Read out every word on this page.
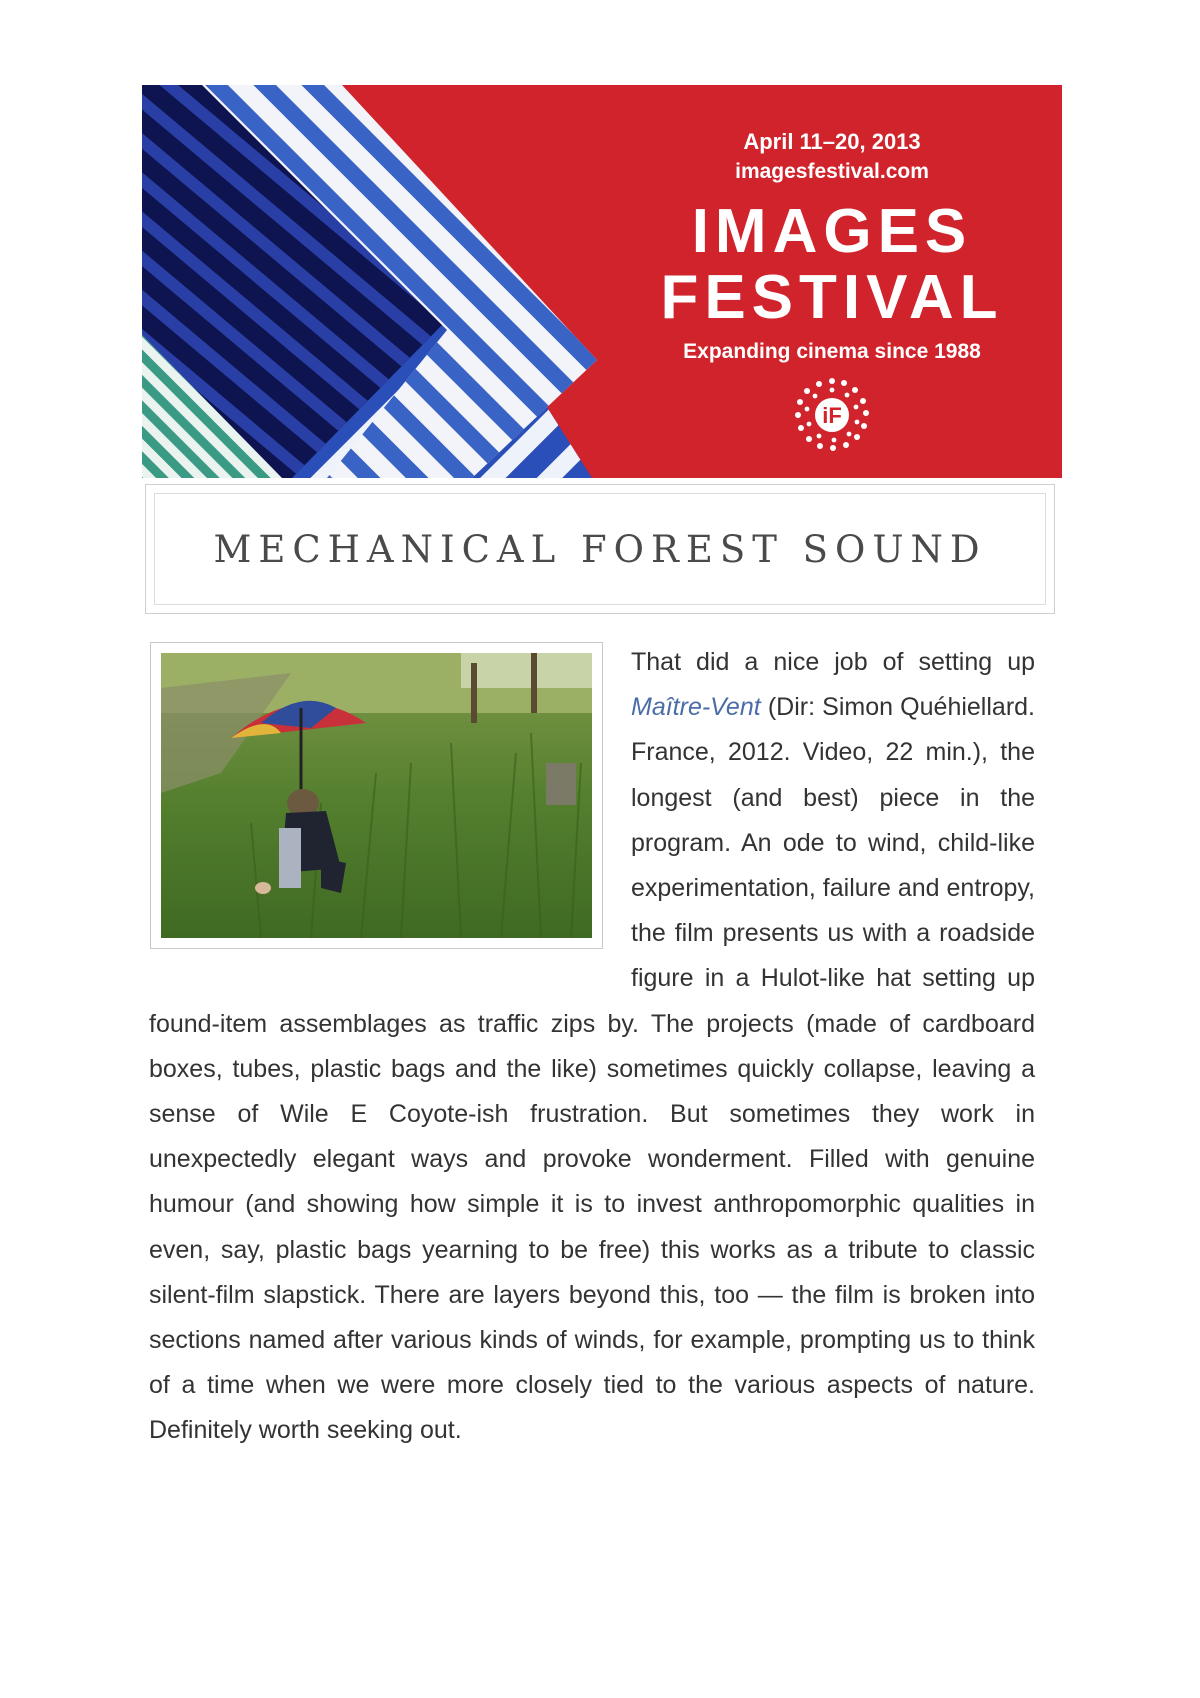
April 11–20, 2013
imagesfestival.com
IMAGES
FESTIVAL
Expanding cinema since 1988
iF
MECHANICAL FOREST SOUND
That did a nice job of setting up Maître-Vent (Dir: Simon Quéhiellard. France, 2012. Video, 22 min.), the longest (and best) piece in the program. An ode to wind, child-like experimentation, failure and entropy, the film presents us with a roadside figure in a Hulot-like hat setting up found-item assemblages as traffic zips by. The projects (made of cardboard boxes, tubes, plastic bags and the like) sometimes quickly collapse, leaving a sense of Wile E Coyote-ish frustration. But sometimes they work in unexpectedly elegant ways and provoke wonderment. Filled with genuine humour (and showing how simple it is to invest anthropomorphic qualities in even, say, plastic bags yearning to be free) this works as a tribute to classic silent-film slapstick. There are layers beyond this, too — the film is broken into sections named after various kinds of winds, for example, prompting us to think of a time when we were more closely tied to the various aspects of nature. Definitely worth seeking out.
